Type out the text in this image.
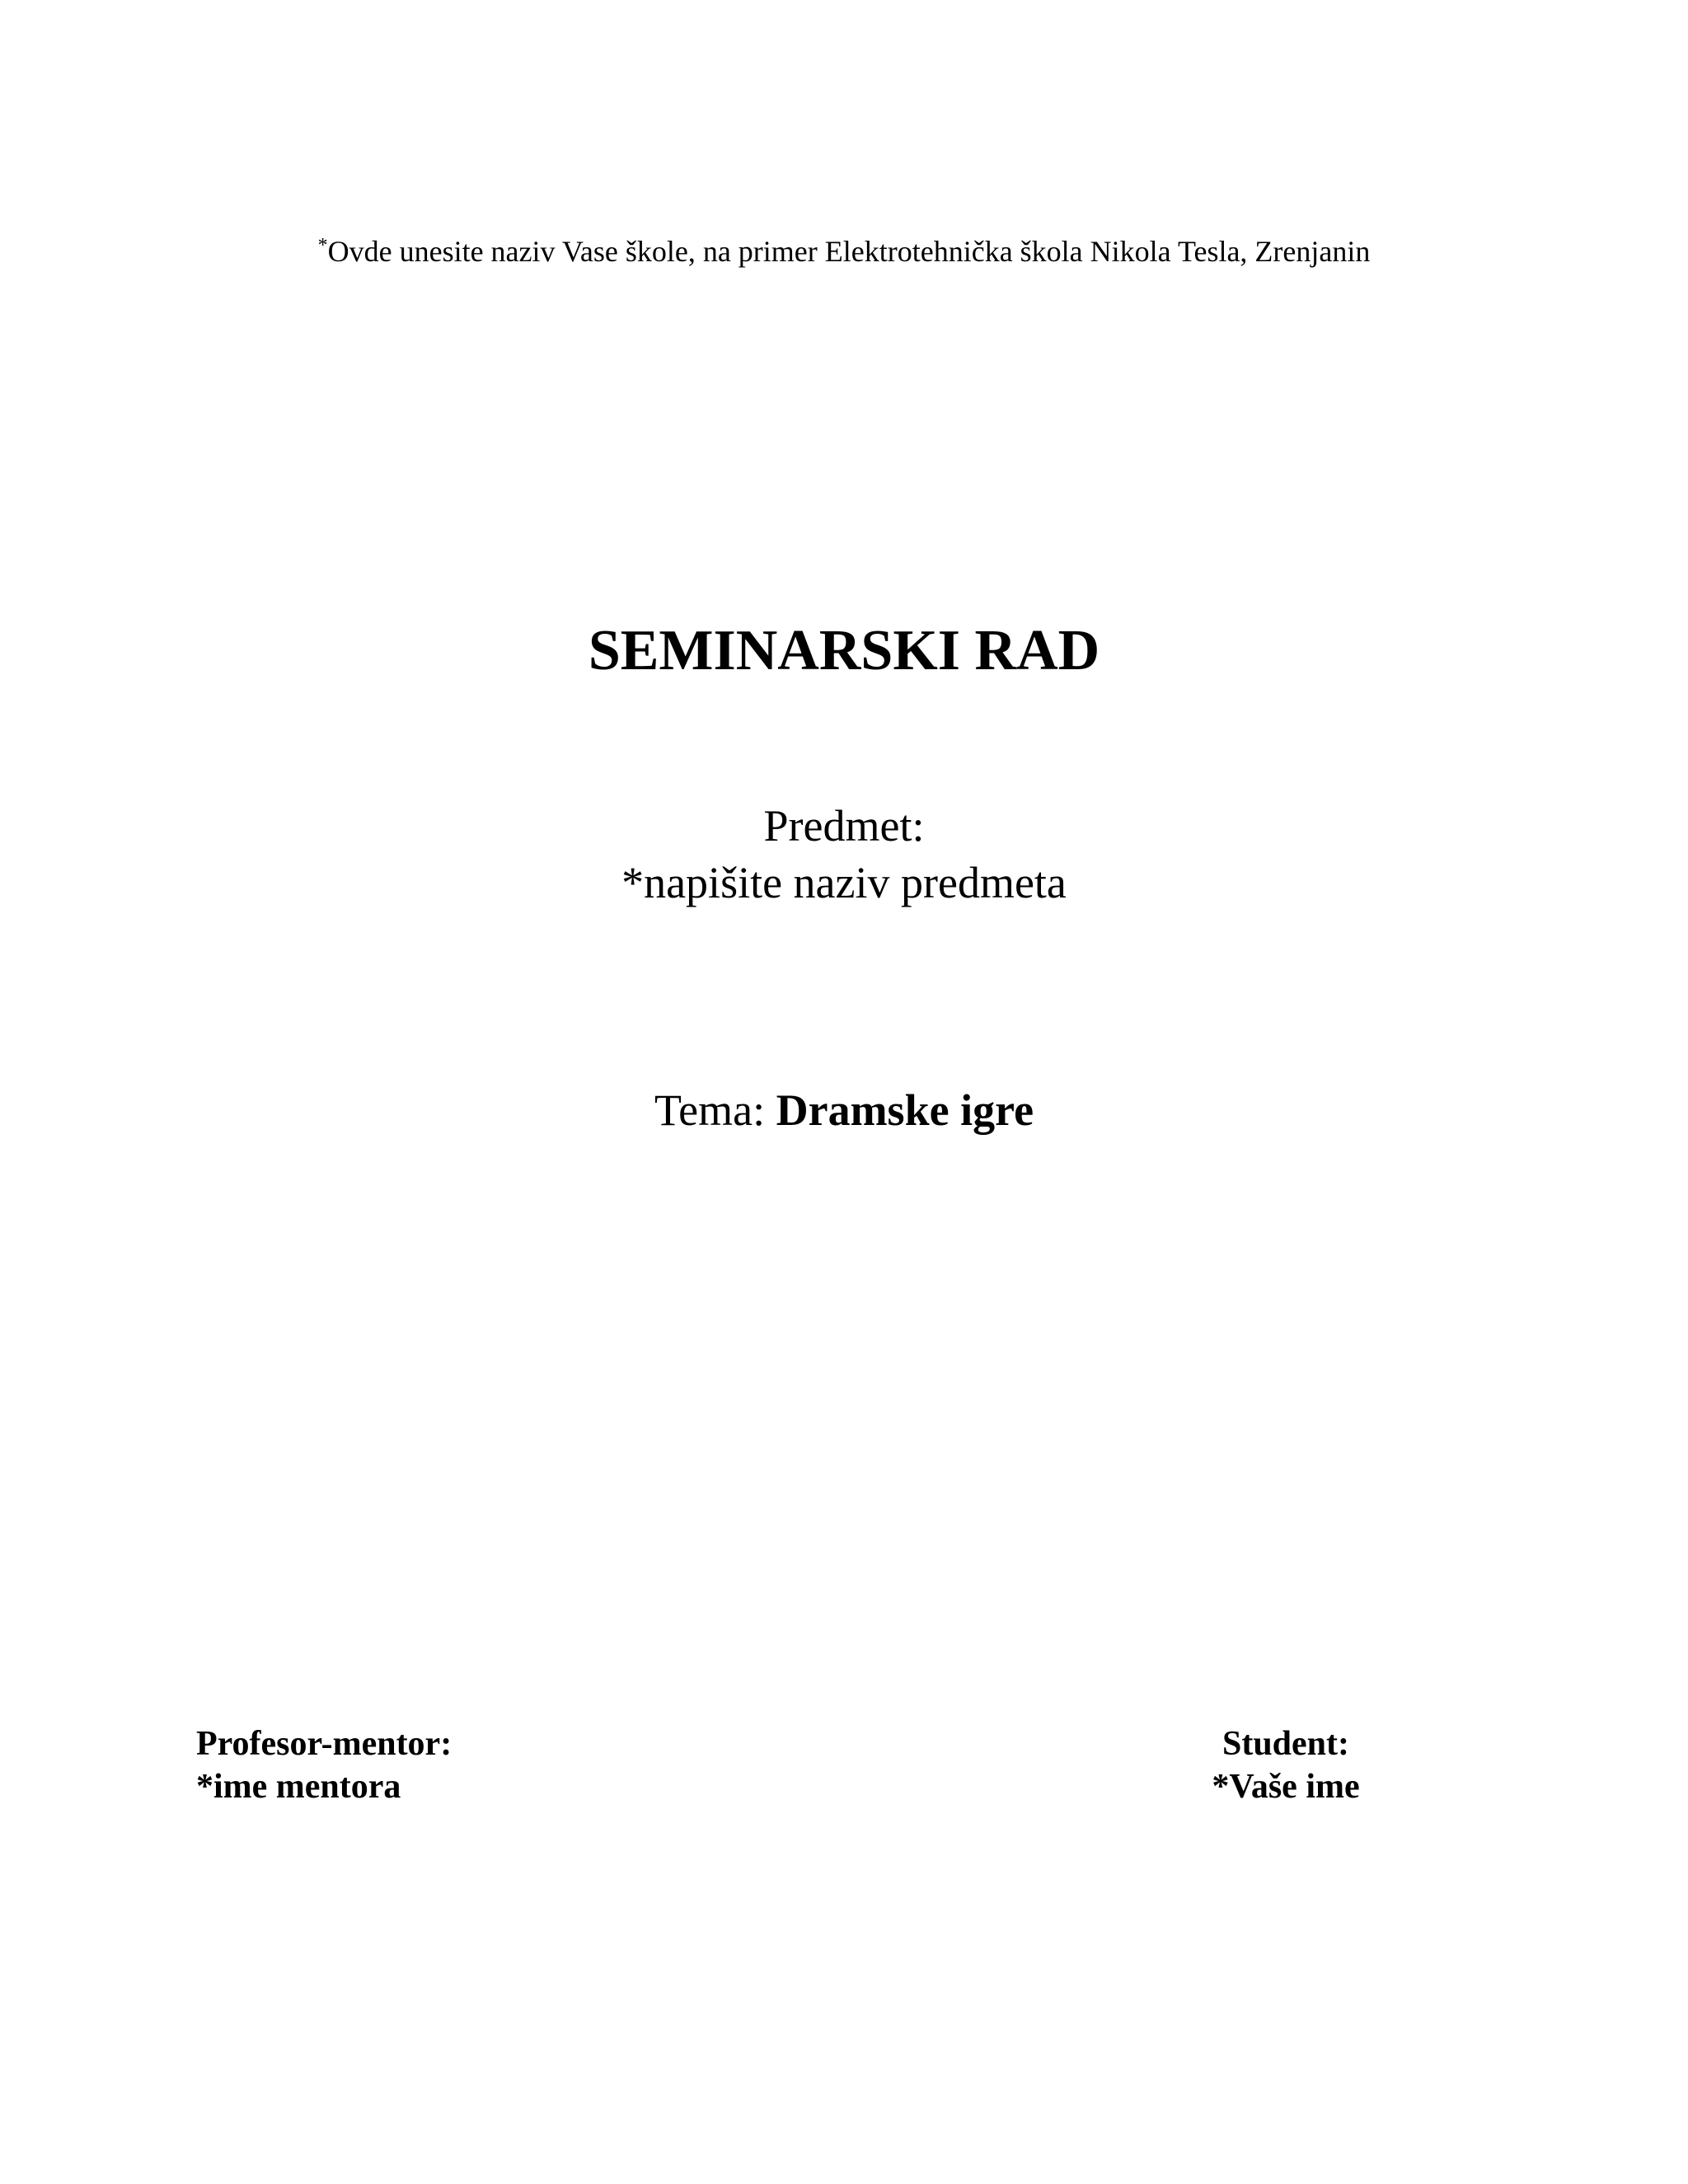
*Ovde unesite naziv Vase škole, na primer Elektrotehnička škola Nikola Tesla, Zrenjanin
SEMINARSKI RAD
Predmet:
*napišite naziv predmeta
Tema: Dramske igre
Profesor-mentor:
*ime mentora
Student:
*Vaše ime
